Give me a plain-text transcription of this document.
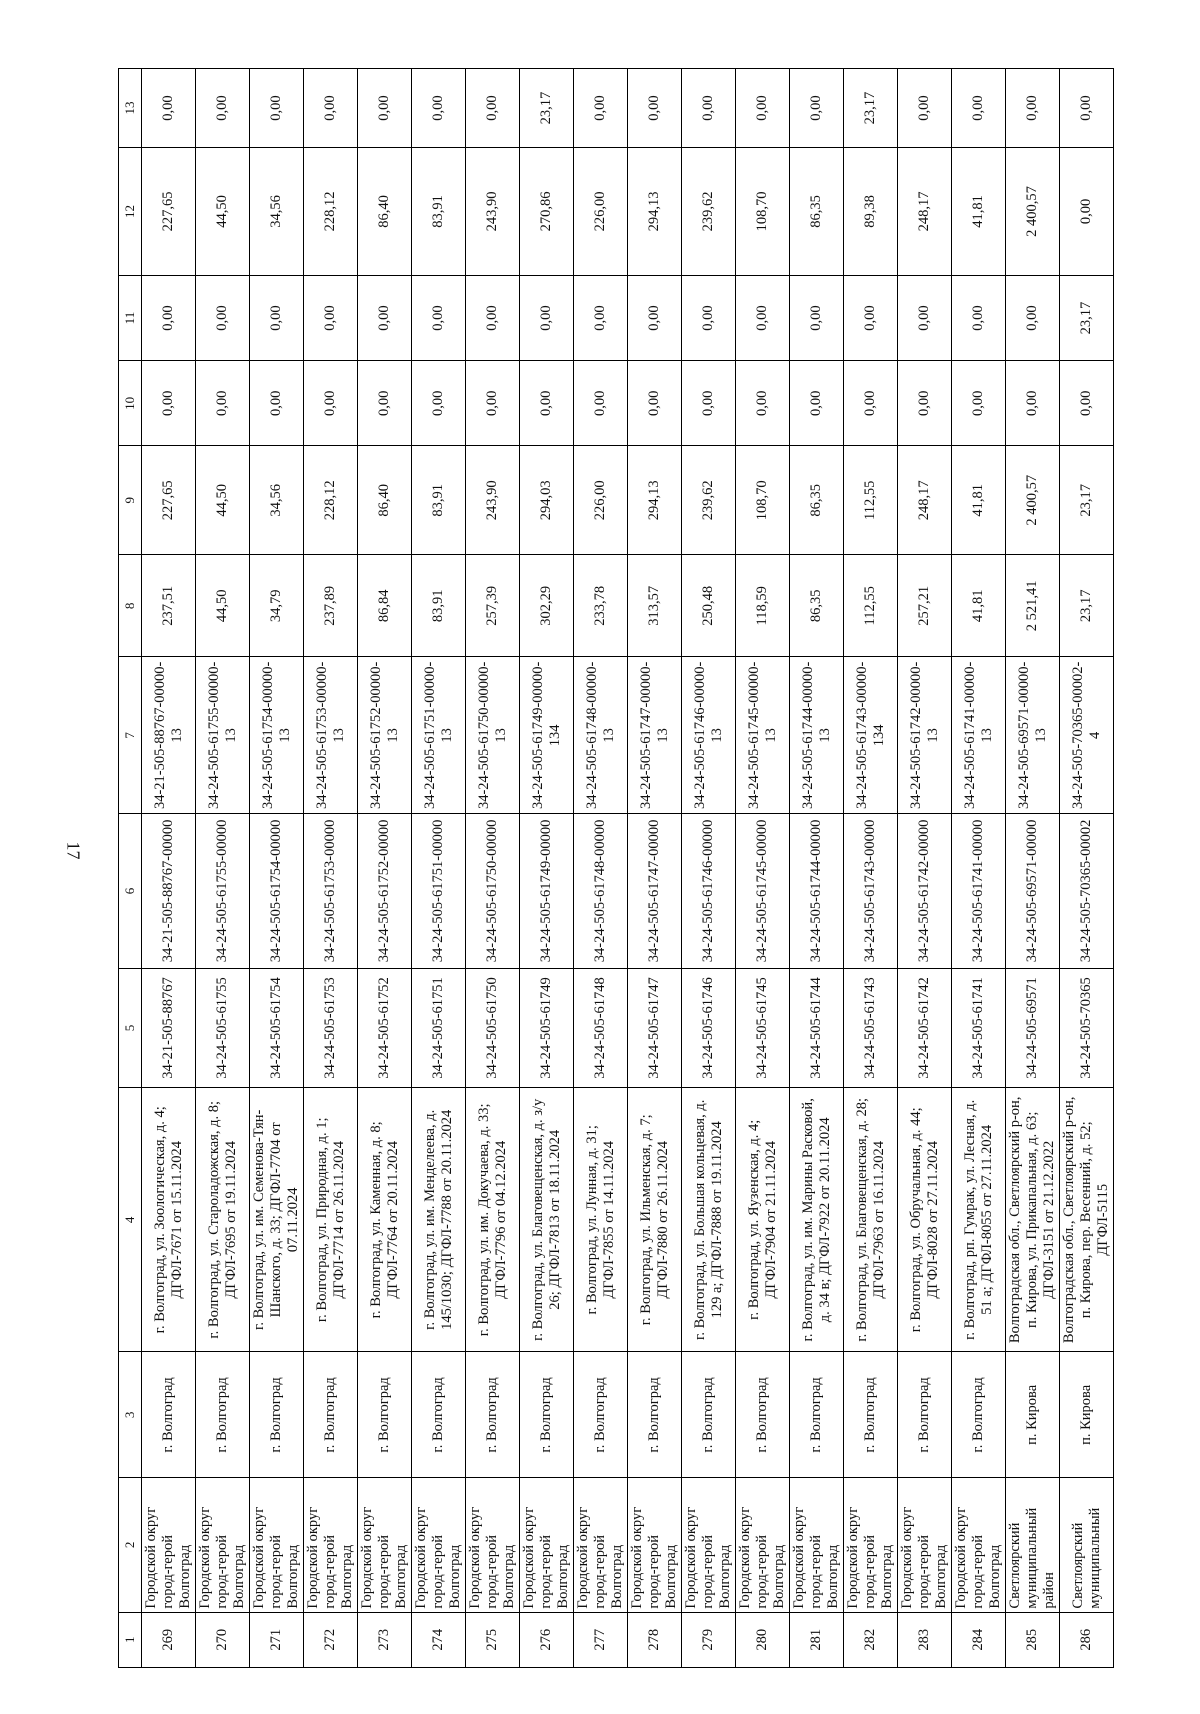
17
1	2	3	4	5	6	7	8	9	10	11	12	13
269	Городской округ город-герой Волгоград	г. Волгоград	г. Волгоград, ул. Зоологическая, д. 4; ДГФЛ-7671 от 15.11.2024	34-21-505-88767	34-21-505-88767-00000	34-21-505-88767-00000-13	237,51	227,65	0,00	0,00	227,65	0,00
270	Городской округ город-герой Волгоград	г. Волгоград	г. Волгоград, ул. Староладожская, д. 8; ДГФЛ-7695 от 19.11.2024	34-24-505-61755	34-24-505-61755-00000	34-24-505-61755-00000-13	44,50	44,50	0,00	0,00	44,50	0,00
271	Городской округ город-герой Волгоград	г. Волгоград	г. Волгоград, ул. им. Семенова-Тян-Шанского, д. 33; ДГФЛ-7704 от 07.11.2024	34-24-505-61754	34-24-505-61754-00000	34-24-505-61754-00000-13	34,79	34,56	0,00	0,00	34,56	0,00
272	Городской округ город-герой Волгоград	г. Волгоград	г. Волгоград, ул. Природная, д. 1; ДГФЛ-7714 от 26.11.2024	34-24-505-61753	34-24-505-61753-00000	34-24-505-61753-00000-13	237,89	228,12	0,00	0,00	228,12	0,00
273	Городской округ город-герой Волгоград	г. Волгоград	г. Волгоград, ул. Каменная, д. 8; ДГФЛ-7764 от 20.11.2024	34-24-505-61752	34-24-505-61752-00000	34-24-505-61752-00000-13	86,84	86,40	0,00	0,00	86,40	0,00
274	Городской округ город-герой Волгоград	г. Волгоград	г. Волгоград, ул. им. Менделеева, д. 145/1030; ДГФЛ-7788 от 20.11.2024	34-24-505-61751	34-24-505-61751-00000	34-24-505-61751-00000-13	83,91	83,91	0,00	0,00	83,91	0,00
275	Городской округ город-герой Волгоград	г. Волгоград	г. Волгоград, ул. им. Докучаева, д. 33; ДГФЛ-7796 от 04.12.2024	34-24-505-61750	34-24-505-61750-00000	34-24-505-61750-00000-13	257,39	243,90	0,00	0,00	243,90	0,00
276	Городской округ город-герой Волгоград	г. Волгоград	г. Волгоград, ул. Благовещенская, д. з/у 26; ДГФЛ-7813 от 18.11.2024	34-24-505-61749	34-24-505-61749-00000	34-24-505-61749-00000-134	302,29	294,03	0,00	0,00	270,86	23,17
277	Городской округ город-герой Волгоград	г. Волгоград	г. Волгоград, ул. Лунная, д. 31; ДГФЛ-7855 от 14.11.2024	34-24-505-61748	34-24-505-61748-00000	34-24-505-61748-00000-13	233,78	226,00	0,00	0,00	226,00	0,00
278	Городской округ город-герой Волгоград	г. Волгоград	г. Волгоград, ул. Ильменская, д. 7; ДГФЛ-7880 от 26.11.2024	34-24-505-61747	34-24-505-61747-00000	34-24-505-61747-00000-13	313,57	294,13	0,00	0,00	294,13	0,00
279	Городской округ город-герой Волгоград	г. Волгоград	г. Волгоград, ул. Большая кольцевая, д. 129 а; ДГФЛ-7888 от 19.11.2024	34-24-505-61746	34-24-505-61746-00000	34-24-505-61746-00000-13	250,48	239,62	0,00	0,00	239,62	0,00
280	Городской округ город-герой Волгоград	г. Волгоград	г. Волгоград, ул. Яузенская, д. 4; ДГФЛ-7904 от 21.11.2024	34-24-505-61745	34-24-505-61745-00000	34-24-505-61745-00000-13	118,59	108,70	0,00	0,00	108,70	0,00
281	Городской округ город-герой Волгоград	г. Волгоград	г. Волгоград, ул. им. Марины Расковой, д. 34 в; ДГФЛ-7922 от 20.11.2024	34-24-505-61744	34-24-505-61744-00000	34-24-505-61744-00000-13	86,35	86,35	0,00	0,00	86,35	0,00
282	Городской округ город-герой Волгоград	г. Волгоград	г. Волгоград, ул. Благовещенская, д. 28; ДГФЛ-7963 от 16.11.2024	34-24-505-61743	34-24-505-61743-00000	34-24-505-61743-00000-134	112,55	112,55	0,00	0,00	89,38	23,17
283	Городской округ город-герой Волгоград	г. Волгоград	г. Волгоград, ул. Обручальная, д. 44; ДГФЛ-8028 от 27.11.2024	34-24-505-61742	34-24-505-61742-00000	34-24-505-61742-00000-13	257,21	248,17	0,00	0,00	248,17	0,00
284	Городской округ город-герой Волгоград	г. Волгоград	г. Волгоград, рп. Гумрак, ул. Лесная, д. 51 а; ДГФЛ-8055 от 27.11.2024	34-24-505-61741	34-24-505-61741-00000	34-24-505-61741-00000-13	41,81	41,81	0,00	0,00	41,81	0,00
285	Светлоярский муниципальный район	п. Кирова	Волгоградская обл., Светлоярский р-он, п. Кирова, ул. Прикапальная, д. 63; ДГФЛ-3151 от 21.12.2022	34-24-505-69571	34-24-505-69571-00000	34-24-505-69571-00000-13	2 521,41	2 400,57	0,00	0,00	2 400,57	0,00
286	Светлоярский муниципальный	п. Кирова	Волгоградская обл., Светлоярский р-он, п. Кирова, пер. Весенний, д. 52; ДГФЛ-5115	34-24-505-70365	34-24-505-70365-00002	34-24-505-70365-00002-4	23,17	23,17	0,00	23,17	0,00	0,00
